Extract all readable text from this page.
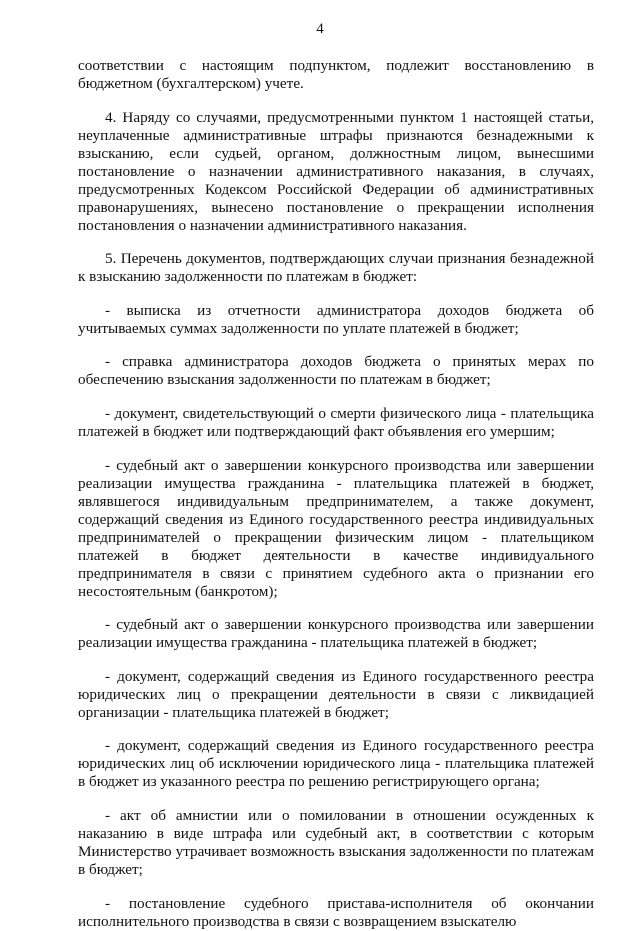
4

соответствии с настоящим подпунктом, подлежит восстановлению в бюджетном (бухгалтерском) учете.

4. Наряду со случаями, предусмотренными пунктом 1 настоящей статьи, неуплаченные административные штрафы признаются безнадежными к взысканию, если судьей, органом, должностным лицом, вынесшими постановление о назначении административного наказания, в случаях, предусмотренных Кодексом Российской Федерации об административных правонарушениях, вынесено постановление о прекращении исполнения постановления о назначении административного наказания.

5. Перечень документов, подтверждающих случаи признания безнадежной к взысканию задолженности по платежам в бюджет:

- выписка из отчетности администратора доходов бюджета об учитываемых суммах задолженности по уплате платежей в бюджет;

- справка администратора доходов бюджета о принятых мерах по обеспечению взыскания задолженности по платежам в бюджет;

- документ, свидетельствующий о смерти физического лица - плательщика платежей в бюджет или подтверждающий факт объявления его умершим;

- судебный акт о завершении конкурсного производства или завершении реализации имущества гражданина - плательщика платежей в бюджет, являвшегося индивидуальным предпринимателем, а также документ, содержащий сведения из Единого государственного реестра индивидуальных предпринимателей о прекращении физическим лицом - плательщиком платежей в бюджет деятельности в качестве индивидуального предпринимателя в связи с принятием судебного акта о признании его несостоятельным (банкротом);

- судебный акт о завершении конкурсного производства или завершении реализации имущества гражданина - плательщика платежей в бюджет;

- документ, содержащий сведения из Единого государственного реестра юридических лиц о прекращении деятельности в связи с ликвидацией организации - плательщика платежей в бюджет;

- документ, содержащий сведения из Единого государственного реестра юридических лиц об исключении юридического лица - плательщика платежей в бюджет из указанного реестра по решению регистрирующего органа;

- акт об амнистии или о помиловании в отношении осужденных к наказанию в виде штрафа или судебный акт, в соответствии с которым Министерство утрачивает возможность взыскания задолженности по платежам в бюджет;

- постановление судебного пристава-исполнителя об окончании исполнительного производства в связи с возвращением взыскателю
